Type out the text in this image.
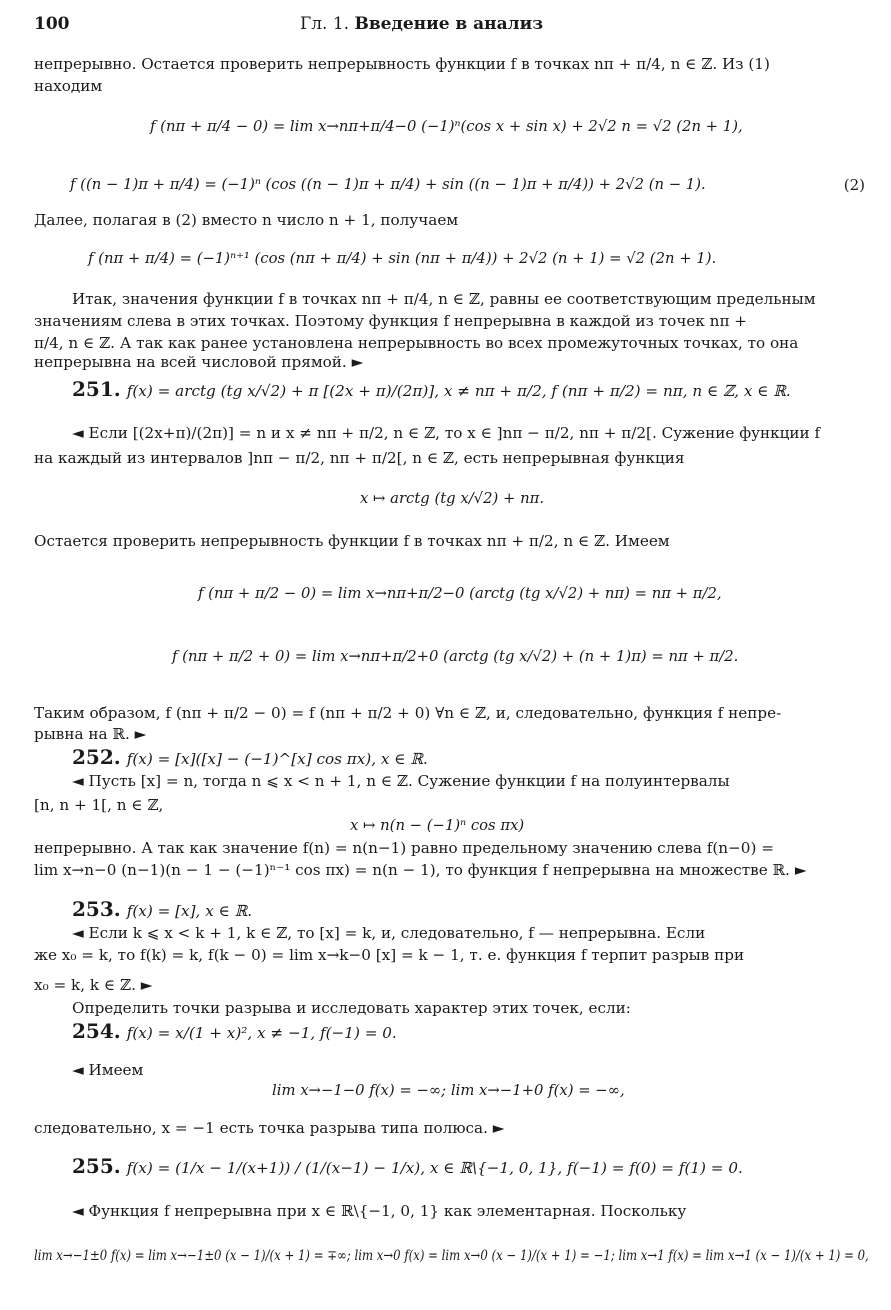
100	Гл. 1. Введение в анализ
непрерывно. Остается проверить непрерывность функции f в точках nπ + π/4, n ∈ ℤ. Из (1)
находим
f (nπ + π/4 − 0) = lim x→nπ+π/4−0 (−1)ⁿ(cos x + sin x) + 2√2 n = √2 (2n + 1),
f ((n − 1)π + π/4) = (−1)ⁿ (cos ((n − 1)π + π/4) + sin ((n − 1)π + π/4)) + 2√2 (n − 1).	(2)
Далее, полагая в (2) вместо n число n + 1, получаем
f (nπ + π/4) = (−1)ⁿ⁺¹ (cos (nπ + π/4) + sin (nπ + π/4)) + 2√2 (n + 1) = √2 (2n + 1).
Итак, значения функции f в точках nπ + π/4, n ∈ ℤ, равны ее соответствующим предельным
значениям слева в этих точках. Поэтому функция f непрерывна в каждой из точек nπ +
π/4, n ∈ ℤ. А так как ранее установлена непрерывность во всех промежуточных точках, то она
непрерывна на всей числовой прямой. ►
251. f(x) = arctg (tg x/√2) + π [(2x + π)/(2π)], x ≠ nπ + π/2, f (nπ + π/2) = nπ, n ∈ ℤ, x ∈ ℝ.
◄ Если [(2x+π)/(2π)] = n и x ≠ nπ + π/2, n ∈ ℤ, то x ∈ ]nπ − π/2, nπ + π/2[. Сужение функции f
на каждый из интервалов ]nπ − π/2, nπ + π/2[, n ∈ ℤ, есть непрерывная функция
x ↦ arctg (tg x/√2) + nπ.
Остается проверить непрерывность функции f в точках nπ + π/2, n ∈ ℤ. Имеем
f (nπ + π/2 − 0) = lim x→nπ+π/2−0 (arctg (tg x/√2) + nπ) = nπ + π/2,
f (nπ + π/2 + 0) = lim x→nπ+π/2+0 (arctg (tg x/√2) + (n + 1)π) = nπ + π/2.
Таким образом, f (nπ + π/2 − 0) = f (nπ + π/2 + 0) ∀n ∈ ℤ, и, следовательно, функция f непре-
рывна на ℝ. ►
252. f(x) = [x]([x] − (−1)^[x] cos πx), x ∈ ℝ.
◄ Пусть [x] = n, тогда n ⩽ x < n + 1, n ∈ ℤ. Сужение функции f на полуинтервалы
[n, n + 1[, n ∈ ℤ,
x ↦ n(n − (−1)ⁿ cos πx)
непрерывно. А так как значение f(n) = n(n−1) равно предельному значению слева f(n−0) =
lim x→n−0 (n−1)(n − 1 − (−1)ⁿ⁻¹ cos πx) = n(n − 1), то функция f непрерывна на множестве ℝ. ►
253. f(x) = [x], x ∈ ℝ.
◄ Если k ⩽ x < k + 1, k ∈ ℤ, то [x] = k, и, следовательно, f — непрерывна. Если
же x₀ = k, то f(k) = k, f(k − 0) = lim x→k−0 [x] = k − 1, т. е. функция f терпит разрыв при
x₀ = k, k ∈ ℤ. ►
Определить точки разрыва и исследовать характер этих точек, если:
254. f(x) = x/(1 + x)², x ≠ −1, f(−1) = 0.
◄ Имеем
lim x→−1−0 f(x) = −∞; lim x→−1+0 f(x) = −∞,
следовательно, x = −1 есть точка разрыва типа полюса. ►
255. f(x) = (1/x − 1/(x+1)) / (1/(x−1) − 1/x), x ∈ ℝ\{−1, 0, 1}, f(−1) = f(0) = f(1) = 0.
◄ Функция f непрерывна при x ∈ ℝ\{−1, 0, 1} как элементарная. Поскольку
lim x→−1±0 f(x) = lim x→−1±0 (x − 1)/(x + 1) = ∓∞; lim x→0 f(x) = lim x→0 (x − 1)/(x + 1) = −1; lim x→1 f(x) = lim x→1 (x − 1)/(x + 1) = 0,
